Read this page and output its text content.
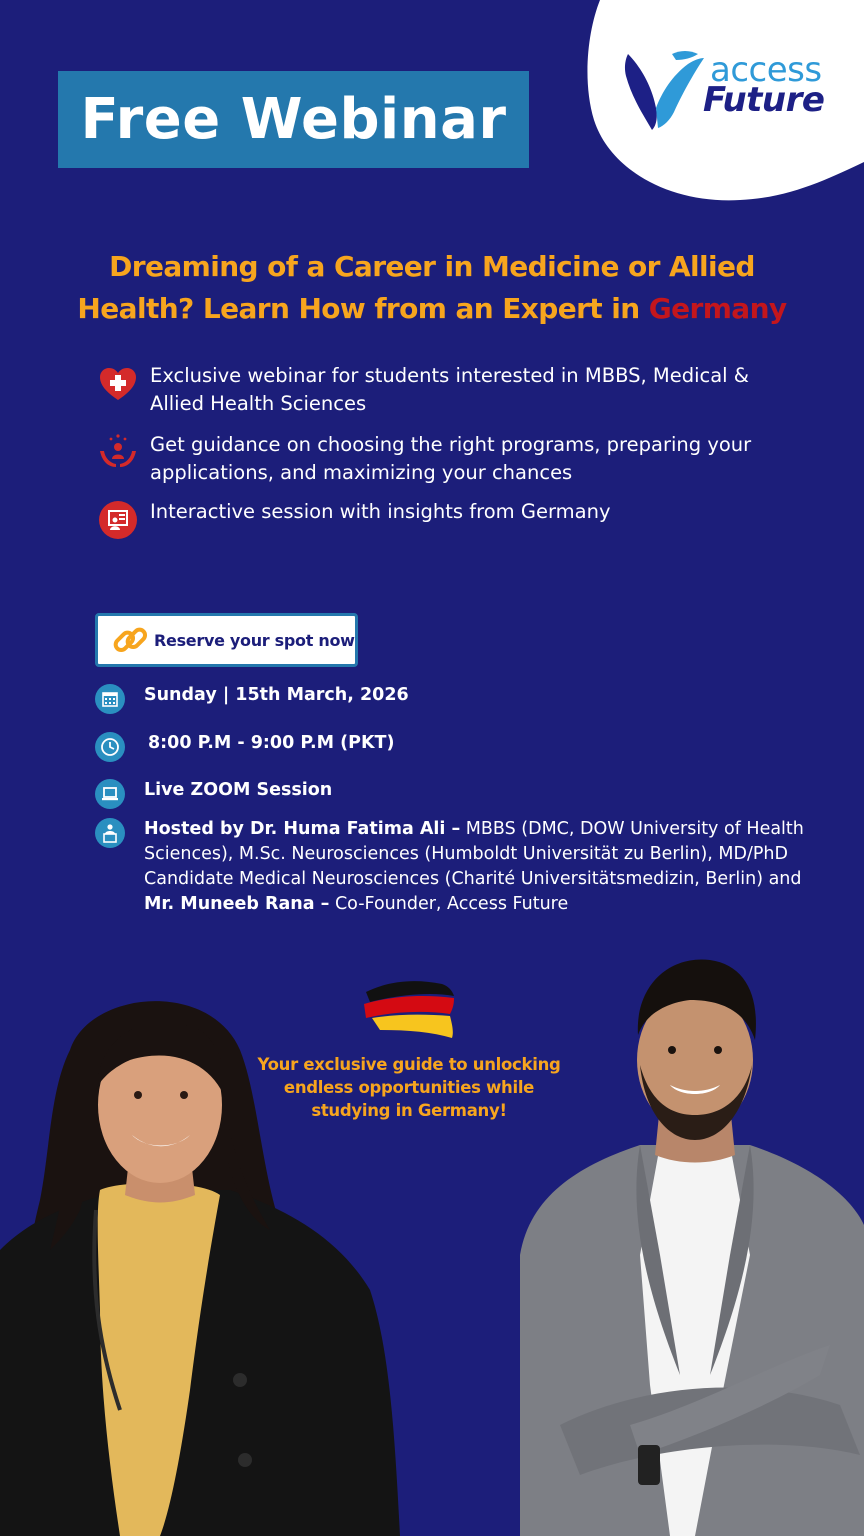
access
Future
Free Webinar
Dreaming of a Career in Medicine or Allied
Health? Learn How from an Expert in Germany
Exclusive webinar for students interested in MBBS, Medical & Allied Health Sciences
Get guidance on choosing the right programs, preparing your applications, and maximizing your chances
Interactive session with insights from Germany
Reserve your spot now
Sunday | 15th March, 2026
8:00 P.M - 9:00 P.M (PKT)
Live ZOOM Session
Hosted by Dr. Huma Fatima Ali – MBBS (DMC, DOW University of Health Sciences), M.Sc. Neurosciences (Humboldt Universität zu Berlin), MD/PhD Candidate Medical Neurosciences (Charité Universitätsmedizin, Berlin) and Mr. Muneeb Rana – Co-Founder, Access Future
Your exclusive guide to unlocking endless opportunities while studying in Germany!
